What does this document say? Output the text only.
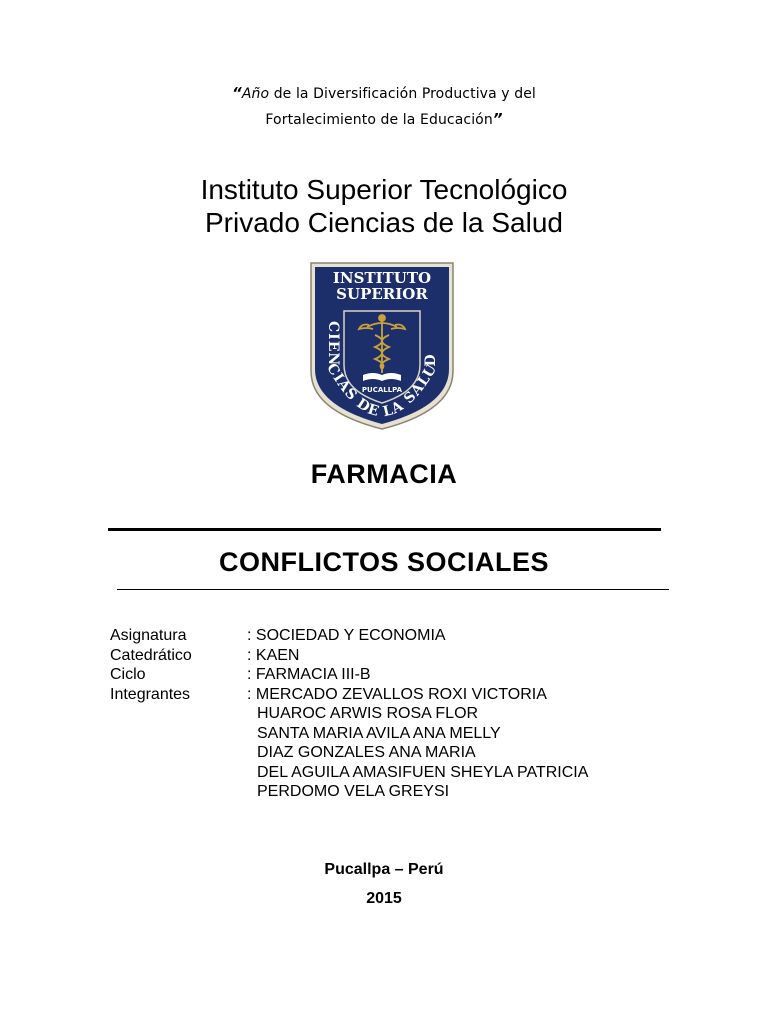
“Año de la Diversificación Productiva y del
Fortalecimiento de la Educación”
Instituto Superior Tecnológico
Privado Ciencias de la Salud
INSTITUTO
SUPERIOR
CIENCIAS DE LA SALUD
PUCALLPA
FARMACIA
CONFLICTOS SOCIALES
Asignatura	: SOCIEDAD Y ECONOMIA
Catedrático	: KAEN
Ciclo	: FARMACIA III-B
Integrantes	: MERCADO ZEVALLOS ROXI VICTORIA
HUAROC ARWIS ROSA FLOR
SANTA MARIA AVILA ANA MELLY
DIAZ GONZALES ANA MARIA
DEL AGUILA AMASIFUEN SHEYLA PATRICIA
PERDOMO VELA GREYSI
Pucallpa – Perú
2015
